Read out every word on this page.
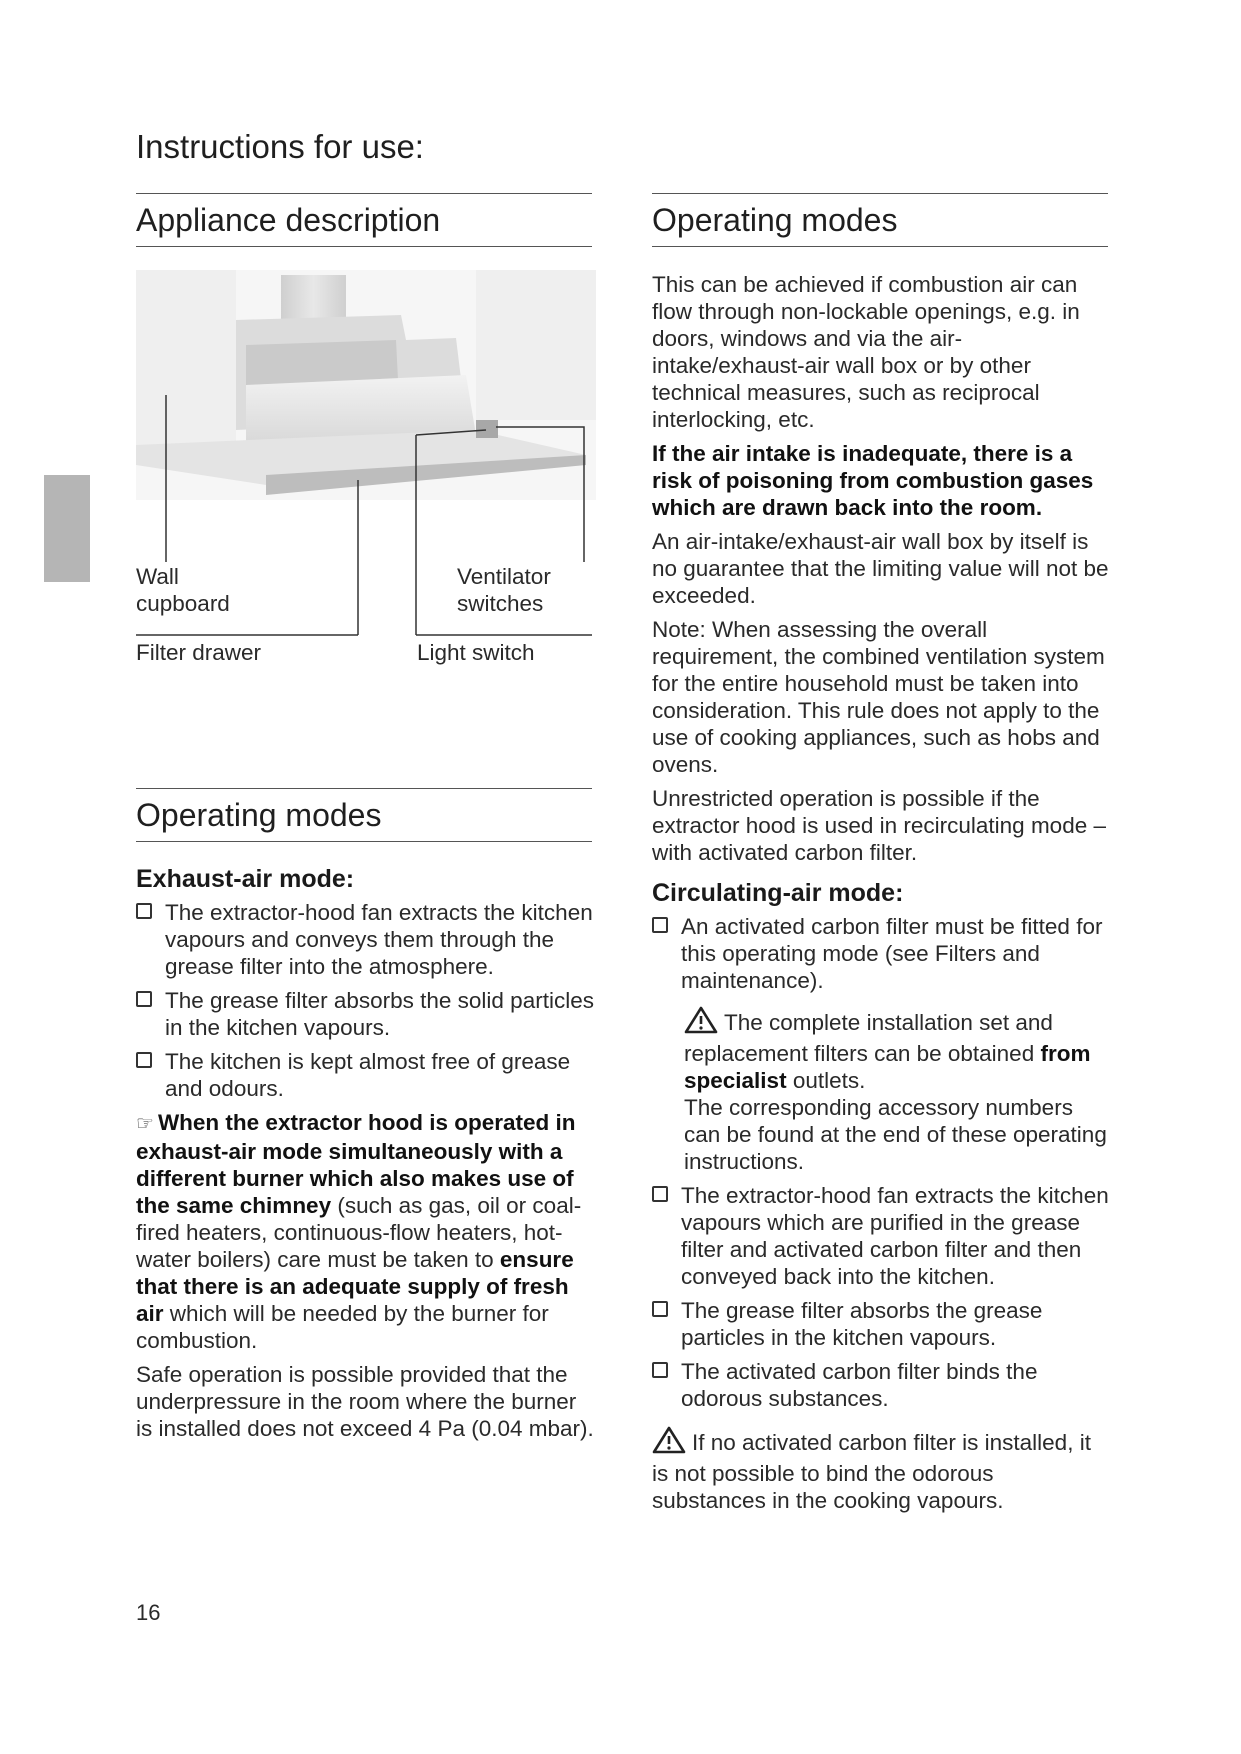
Instructions for use:
Appliance description
Wall
cupboard
Ventilator
switches
Filter drawer	Light switch
Operating modes

Exhaust-air mode:

The extractor-hood fan extracts the kitchen vapours and conveys them through the grease filter into the atmosphere.
The grease filter absorbs the solid particles in the kitchen vapours.
The kitchen is kept almost free of grease and odours.

☞ When the extractor hood is operated in exhaust-air mode simultaneously with a different burner which also makes use of the same chimney (such as gas, oil or coal-fired heaters, continuous-flow heaters, hot-water boilers) care must be taken to ensure that there is an adequate supply of fresh air which will be needed by the burner for combustion.

Safe operation is possible provided that the underpressure in the room where the burner is installed does not exceed 4 Pa (0.04 mbar).

Operating modes

This can be achieved if combustion air can flow through non-lockable openings, e.g. in doors, windows and via the air-intake/exhaust-air wall box or by other technical measures, such as reciprocal interlocking, etc.

If the air intake is inadequate, there is a risk of poisoning from combustion gases which are drawn back into the room.

An air-intake/exhaust-air wall box by itself is no guarantee that the limiting value will not be exceeded.

Note: When assessing the overall requirement, the combined ventilation system for the entire household must be taken into consideration. This rule does not apply to the use of cooking appliances, such as hobs and ovens.

Unrestricted operation is possible if the extractor hood is used in recirculating mode – with activated carbon filter.

Circulating-air mode:

An activated carbon filter must be fitted for this operating mode (see Filters and maintenance).
The complete installation set and replacement filters can be obtained from specialist outlets.
The corresponding accessory numbers can be found at the end of these operating instructions.
The extractor-hood fan extracts the kitchen vapours which are purified in the grease filter and activated carbon filter and then conveyed back into the kitchen.
The grease filter absorbs the grease particles in the kitchen vapours.
The activated carbon filter binds the odorous substances.

If no activated carbon filter is installed, it is not possible to bind the odorous substances in the cooking vapours.

16
